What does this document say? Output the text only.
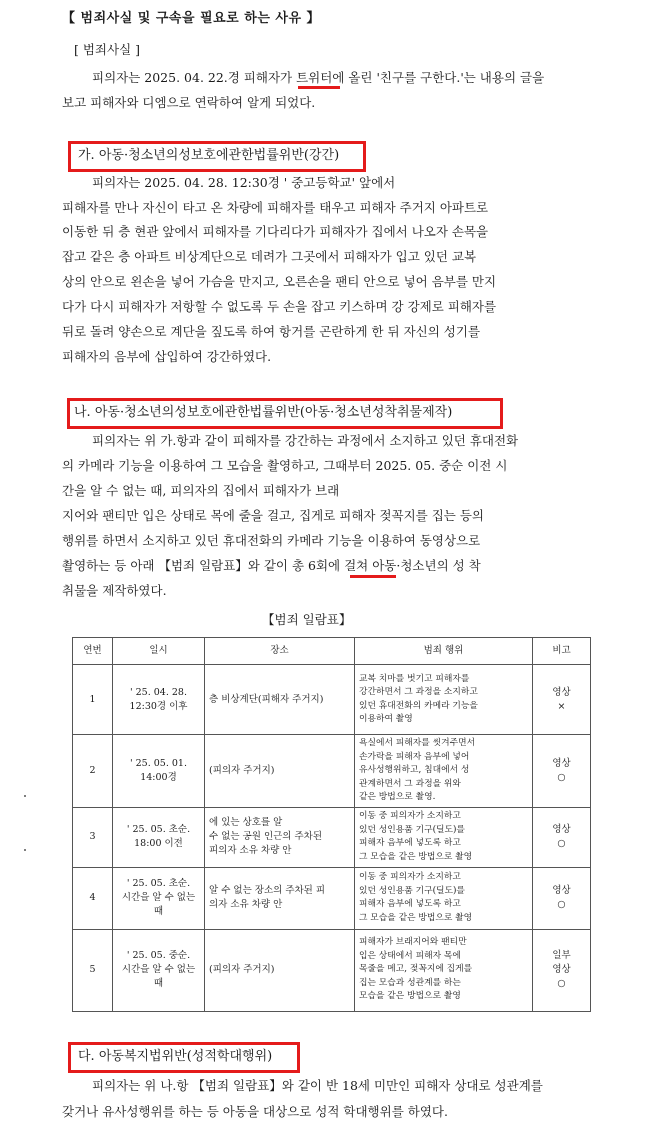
【 범죄사실 및 구속을 필요로 하는 사유 】
[ 범죄사실 ]
피의자는 2025. 04. 22.경 피해자가 트위터에 올린 '친구를 구한다.'는 내용의 글을
보고 피해자와 디엠으로 연락하여 알게 되었다.
가. 아동·청소년의성보호에관한법률위반(강간)
피의자는 2025. 04. 28. 12:30경 ' 중고등학교' 앞에서
피해자를 만나 자신이 타고 온 차량에 피해자를 태우고 피해자 주거지 아파트로
이동한 뒤 층 현관 앞에서 피해자를 기다리다가 피해자가 집에서 나오자 손목을
잡고 같은 층 아파트 비상계단으로 데려가 그곳에서 피해자가 입고 있던 교복
상의 안으로 왼손을 넣어 가슴을 만지고, 오른손을 팬티 안으로 넣어 음부를 만지
다가 다시 피해자가 저항할 수 없도록 두 손을 잡고 키스하며 강 강제로 피해자를
뒤로 돌려 양손으로 계단을 짚도록 하여 항거를 곤란하게 한 뒤 자신의 성기를
피해자의 음부에 삽입하여 강간하였다.
나. 아동·청소년의성보호에관한법률위반(아동·청소년성착취물제작)
피의자는 위 가.항과 같이 피해자를 강간하는 과정에서 소지하고 있던 휴대전화
의 카메라 기능을 이용하여 그 모습을 촬영하고, 그때부터 2025. 05. 중순 이전 시
간을 알 수 없는 때, 피의자의 집에서 피해자가 브래
지어와 팬티만 입은 상태로 목에 줄을 걸고, 집게로 피해자 젖꼭지를 집는 등의
행위를 하면서 소지하고 있던 휴대전화의 카메라 기능을 이용하여 동영상으로
촬영하는 등 아래 【범죄 일람표】와 같이 총 6회에 걸쳐 아동·청소년의 성 착
취물을 제작하였다.
【범죄 일람표】
연번	일시	장소	범죄 행위	비고
1	' 25. 04. 28.
12:30경 이후	층 비상계단(피해자 주거지)	교복 치마를 벗기고 피해자를
강간하면서 그 과정을 소지하고
있던 휴대전화의 카메라 기능을
이용하여 촬영	영상
×
2	' 25. 05. 01.
14:00경	(피의자 주거지)	욕실에서 피해자를 씻겨주면서
손가락을 피해자 음부에 넣어
유사성행위하고, 침대에서 성
관계하면서 그 과정을 위와
같은 방법으로 촬영.	영상
○
3	' 25. 05. 초순.
18:00 이전	에 있는 상호를 알
수 없는 공원 인근의 주차된
피의자 소유 차량 안	이동 중 피의자가 소지하고
있던 성인용품 기구(딜도)를
피해자 음부에 넣도록 하고
그 모습을 같은 방법으로 촬영	영상
○
4	' 25. 05. 초순.
시간을 알 수 없는
때	알 수 없는 장소의 주차된 피
의자 소유 차량 안	이동 중 피의자가 소지하고
있던 성인용품 기구(딜도)를
피해자 음부에 넣도록 하고
그 모습을 같은 방법으로 촬영	영상
○
5	' 25. 05. 중순.
시간을 알 수 없는
때	(피의자 주거지)	피해자가 브래지어와 팬티만
입은 상태에서 피해자 목에
목줄을 메고, 젖꼭지에 집게를
집는 모습과 성관계를 하는
모습을 같은 방법으로 촬영	일부
영상
○
다. 아동복지법위반(성적학대행위)
피의자는 위 나.항 【범죄 일람표】와 같이 반 18세 미만인 피해자 상대로 성관계를
갖거나 유사성행위를 하는 등 아동을 대상으로 성적 학대행위를 하였다.
